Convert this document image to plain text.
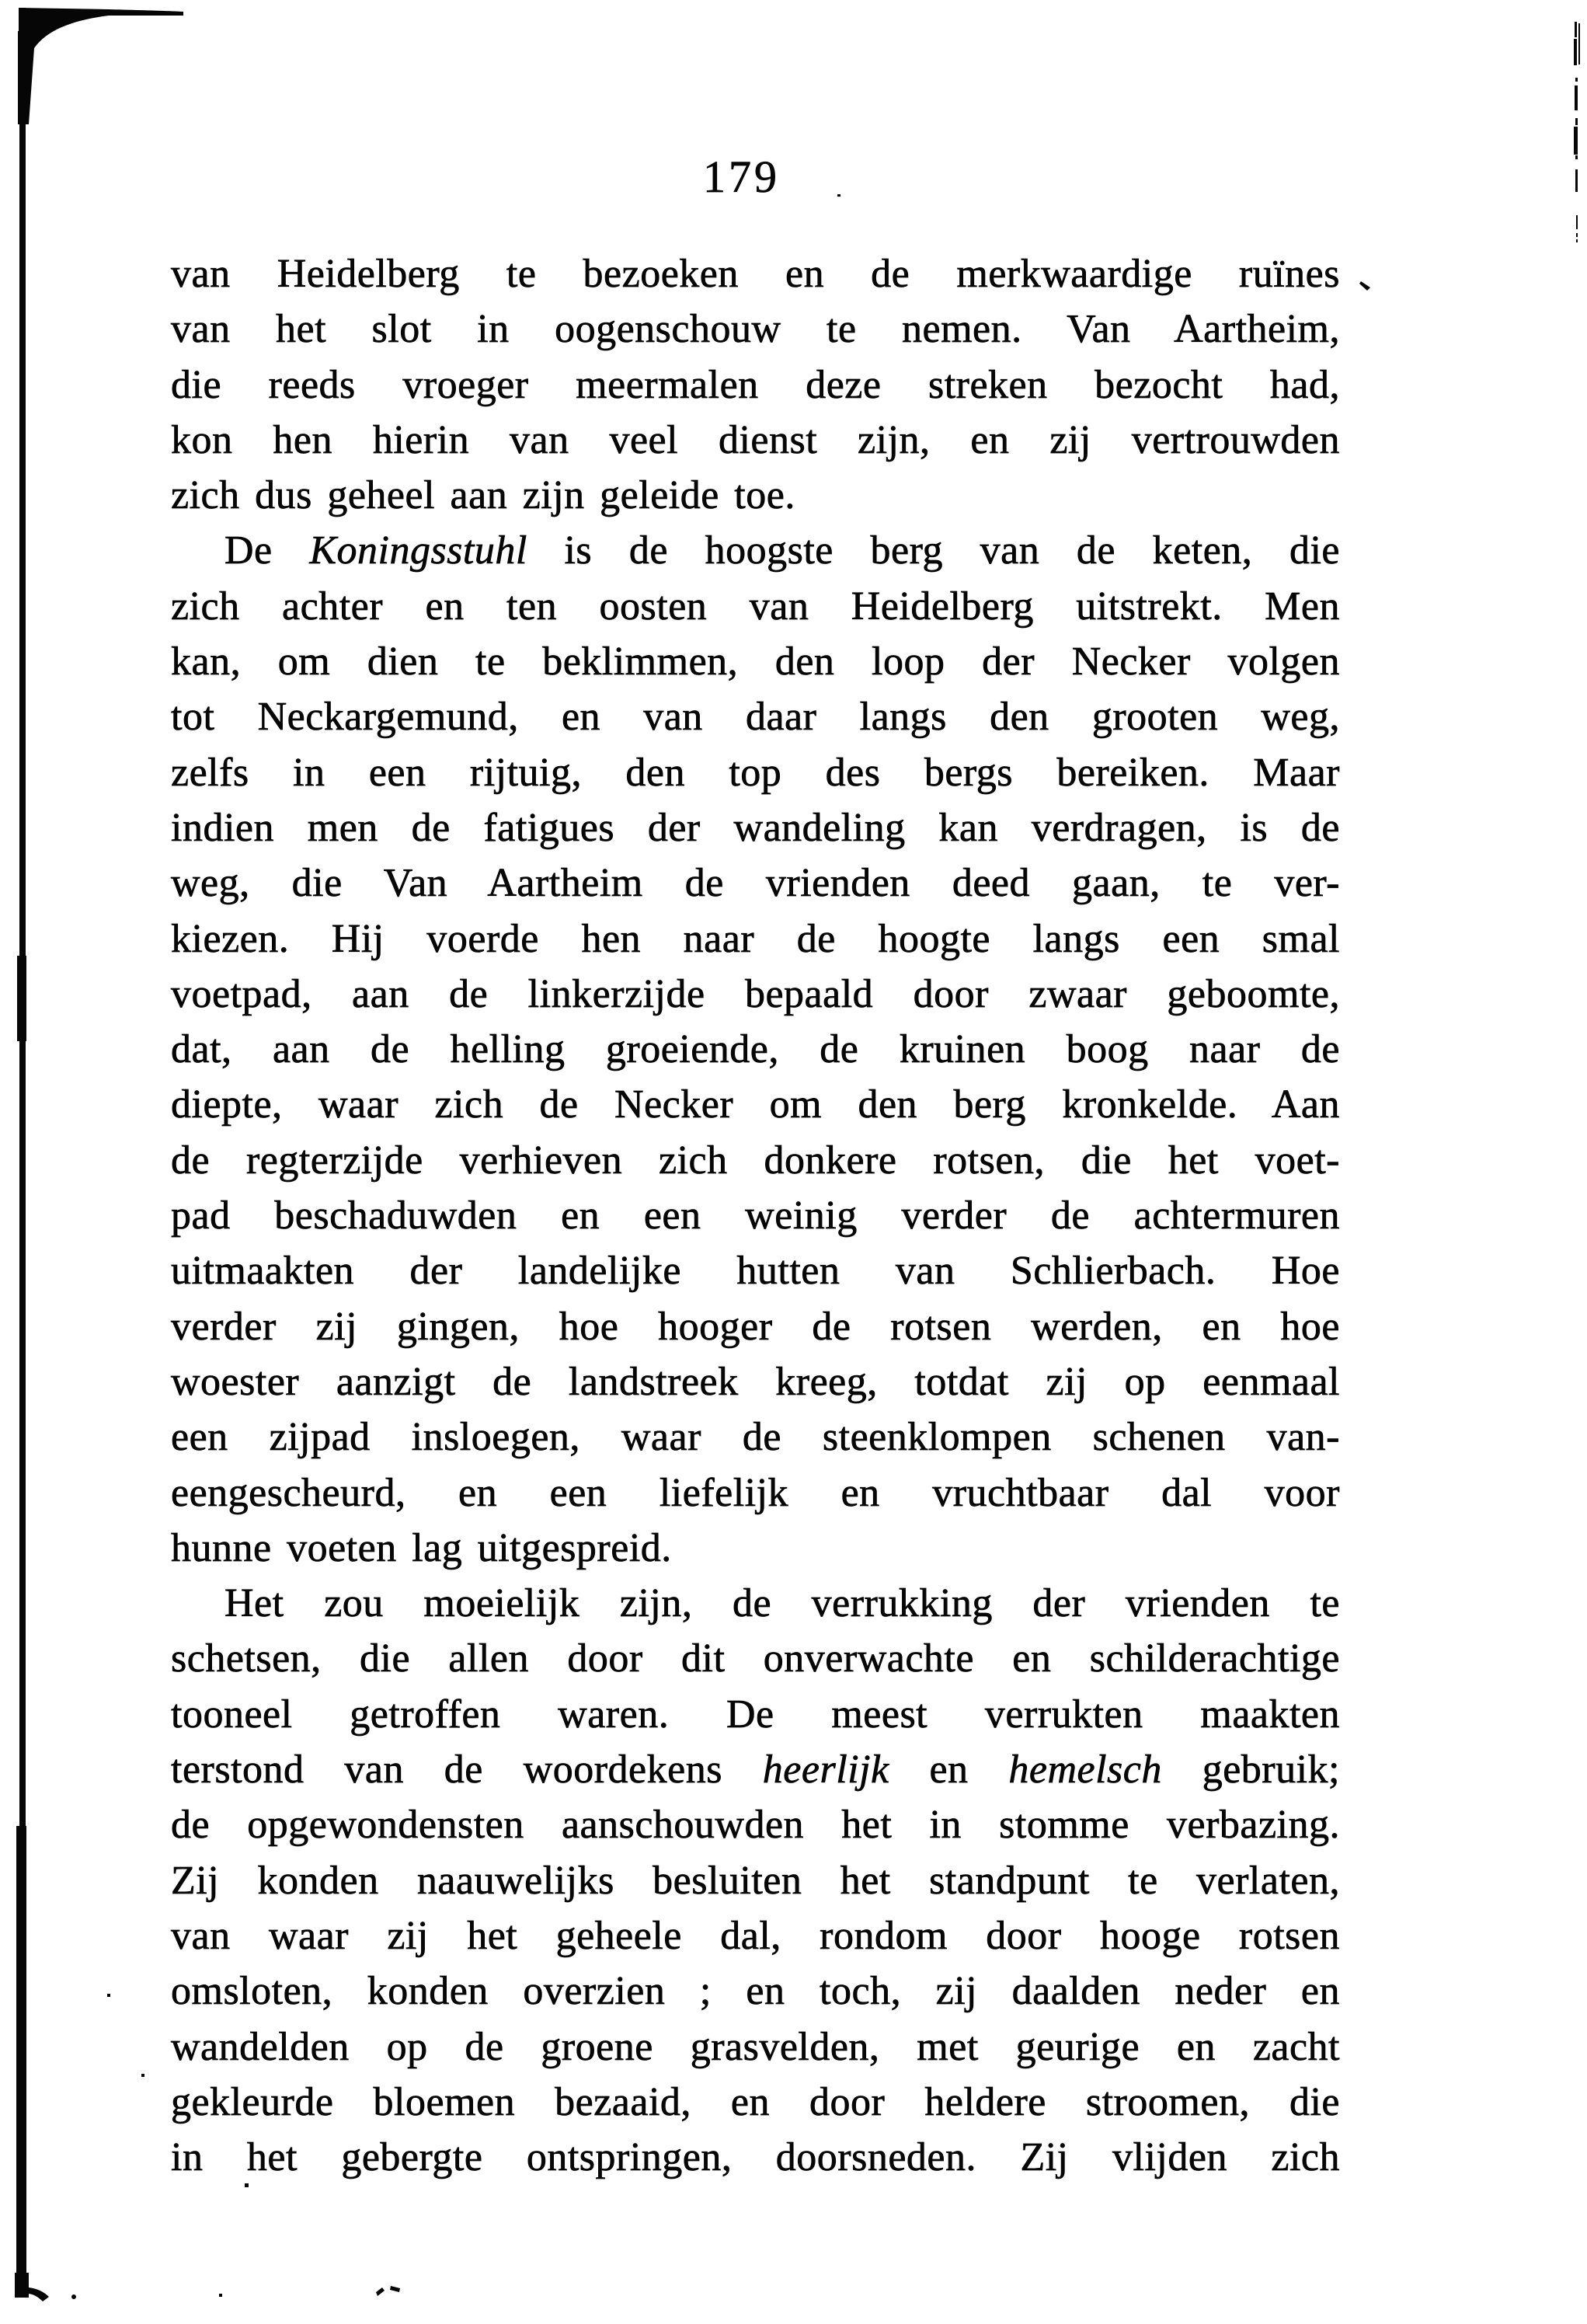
179

van Heidelberg te bezoeken en de merkwaardige ruïnes
van het slot in oogenschouw te nemen. Van Aartheim,
die reeds vroeger meermalen deze streken bezocht had,
kon hen hierin van veel dienst zijn, en zij vertrouwden
zich dus geheel aan zijn geleide toe.

De Koningsstuhl is de hoogste berg van de keten, die
zich achter en ten oosten van Heidelberg uitstrekt. Men
kan, om dien te beklimmen, den loop der Necker volgen
tot Neckargemund, en van daar langs den grooten weg,
zelfs in een rijtuig, den top des bergs bereiken. Maar
indien men de fatigues der wandeling kan verdragen, is de
weg, die Van Aartheim de vrienden deed gaan, te ver-
kiezen. Hij voerde hen naar de hoogte langs een smal
voetpad, aan de linkerzijde bepaald door zwaar geboomte,
dat, aan de helling groeiende, de kruinen boog naar de
diepte, waar zich de Necker om den berg kronkelde. Aan
de regterzijde verhieven zich donkere rotsen, die het voet-
pad beschaduwden en een weinig verder de achtermuren
uitmaakten der landelijke hutten van Schlierbach. Hoe
verder zij gingen, hoe hooger de rotsen werden, en hoe
woester aanzigt de landstreek kreeg, totdat zij op eenmaal
een zijpad insloegen, waar de steenklompen schenen van-
eengescheurd, en een liefelijk en vruchtbaar dal voor
hunne voeten lag uitgespreid.

Het zou moeielijk zijn, de verrukking der vrienden te
schetsen, die allen door dit onverwachte en schilderachtige
tooneel getroffen waren. De meest verrukten maakten
terstond van de woordekens heerlijk en hemelsch gebruik;
de opgewondensten aanschouwden het in stomme verbazing.
Zij konden naauwelijks besluiten het standpunt te verlaten,
van waar zij het geheele dal, rondom door hooge rotsen
omsloten, konden overzien ; en toch, zij daalden neder en
wandelden op de groene grasvelden, met geurige en zacht
gekleurde bloemen bezaaid, en door heldere stroomen, die
in het gebergte ontspringen, doorsneden. Zij vlijden zich
